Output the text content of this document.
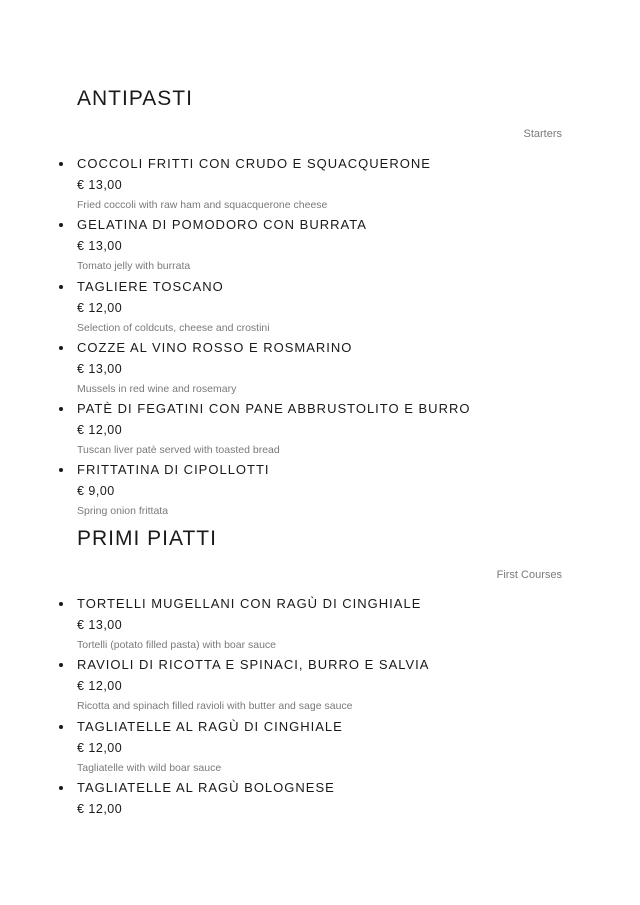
ANTIPASTI
Starters
COCCOLI FRITTI CON CRUDO E SQUACQUERONE
€ 13,00
Fried coccoli with raw ham and squacquerone cheese
GELATINA DI POMODORO CON BURRATA
€ 13,00
Tomato jelly with burrata
TAGLIERE TOSCANO
€ 12,00
Selection of coldcuts, cheese and crostini
COZZE AL VINO ROSSO E ROSMARINO
€ 13,00
Mussels in red wine and rosemary
PATÈ DI FEGATINI CON PANE ABBRUSTOLITO E BURRO
€ 12,00
Tuscan liver patè served with toasted bread
FRITTATINA DI CIPOLLOTTI
€ 9,00
Spring onion frittata
PRIMI PIATTI
First Courses
TORTELLI MUGELLANI CON RAGÙ DI CINGHIALE
€ 13,00
Tortelli (potato filled pasta) with boar sauce
RAVIOLI DI RICOTTA E SPINACI, BURRO E SALVIA
€ 12,00
Ricotta and spinach filled ravioli with butter and sage sauce
TAGLIATELLE AL RAGÙ DI CINGHIALE
€ 12,00
Tagliatelle with wild boar sauce
TAGLIATELLE AL RAGÙ BOLOGNESE
€ 12,00
